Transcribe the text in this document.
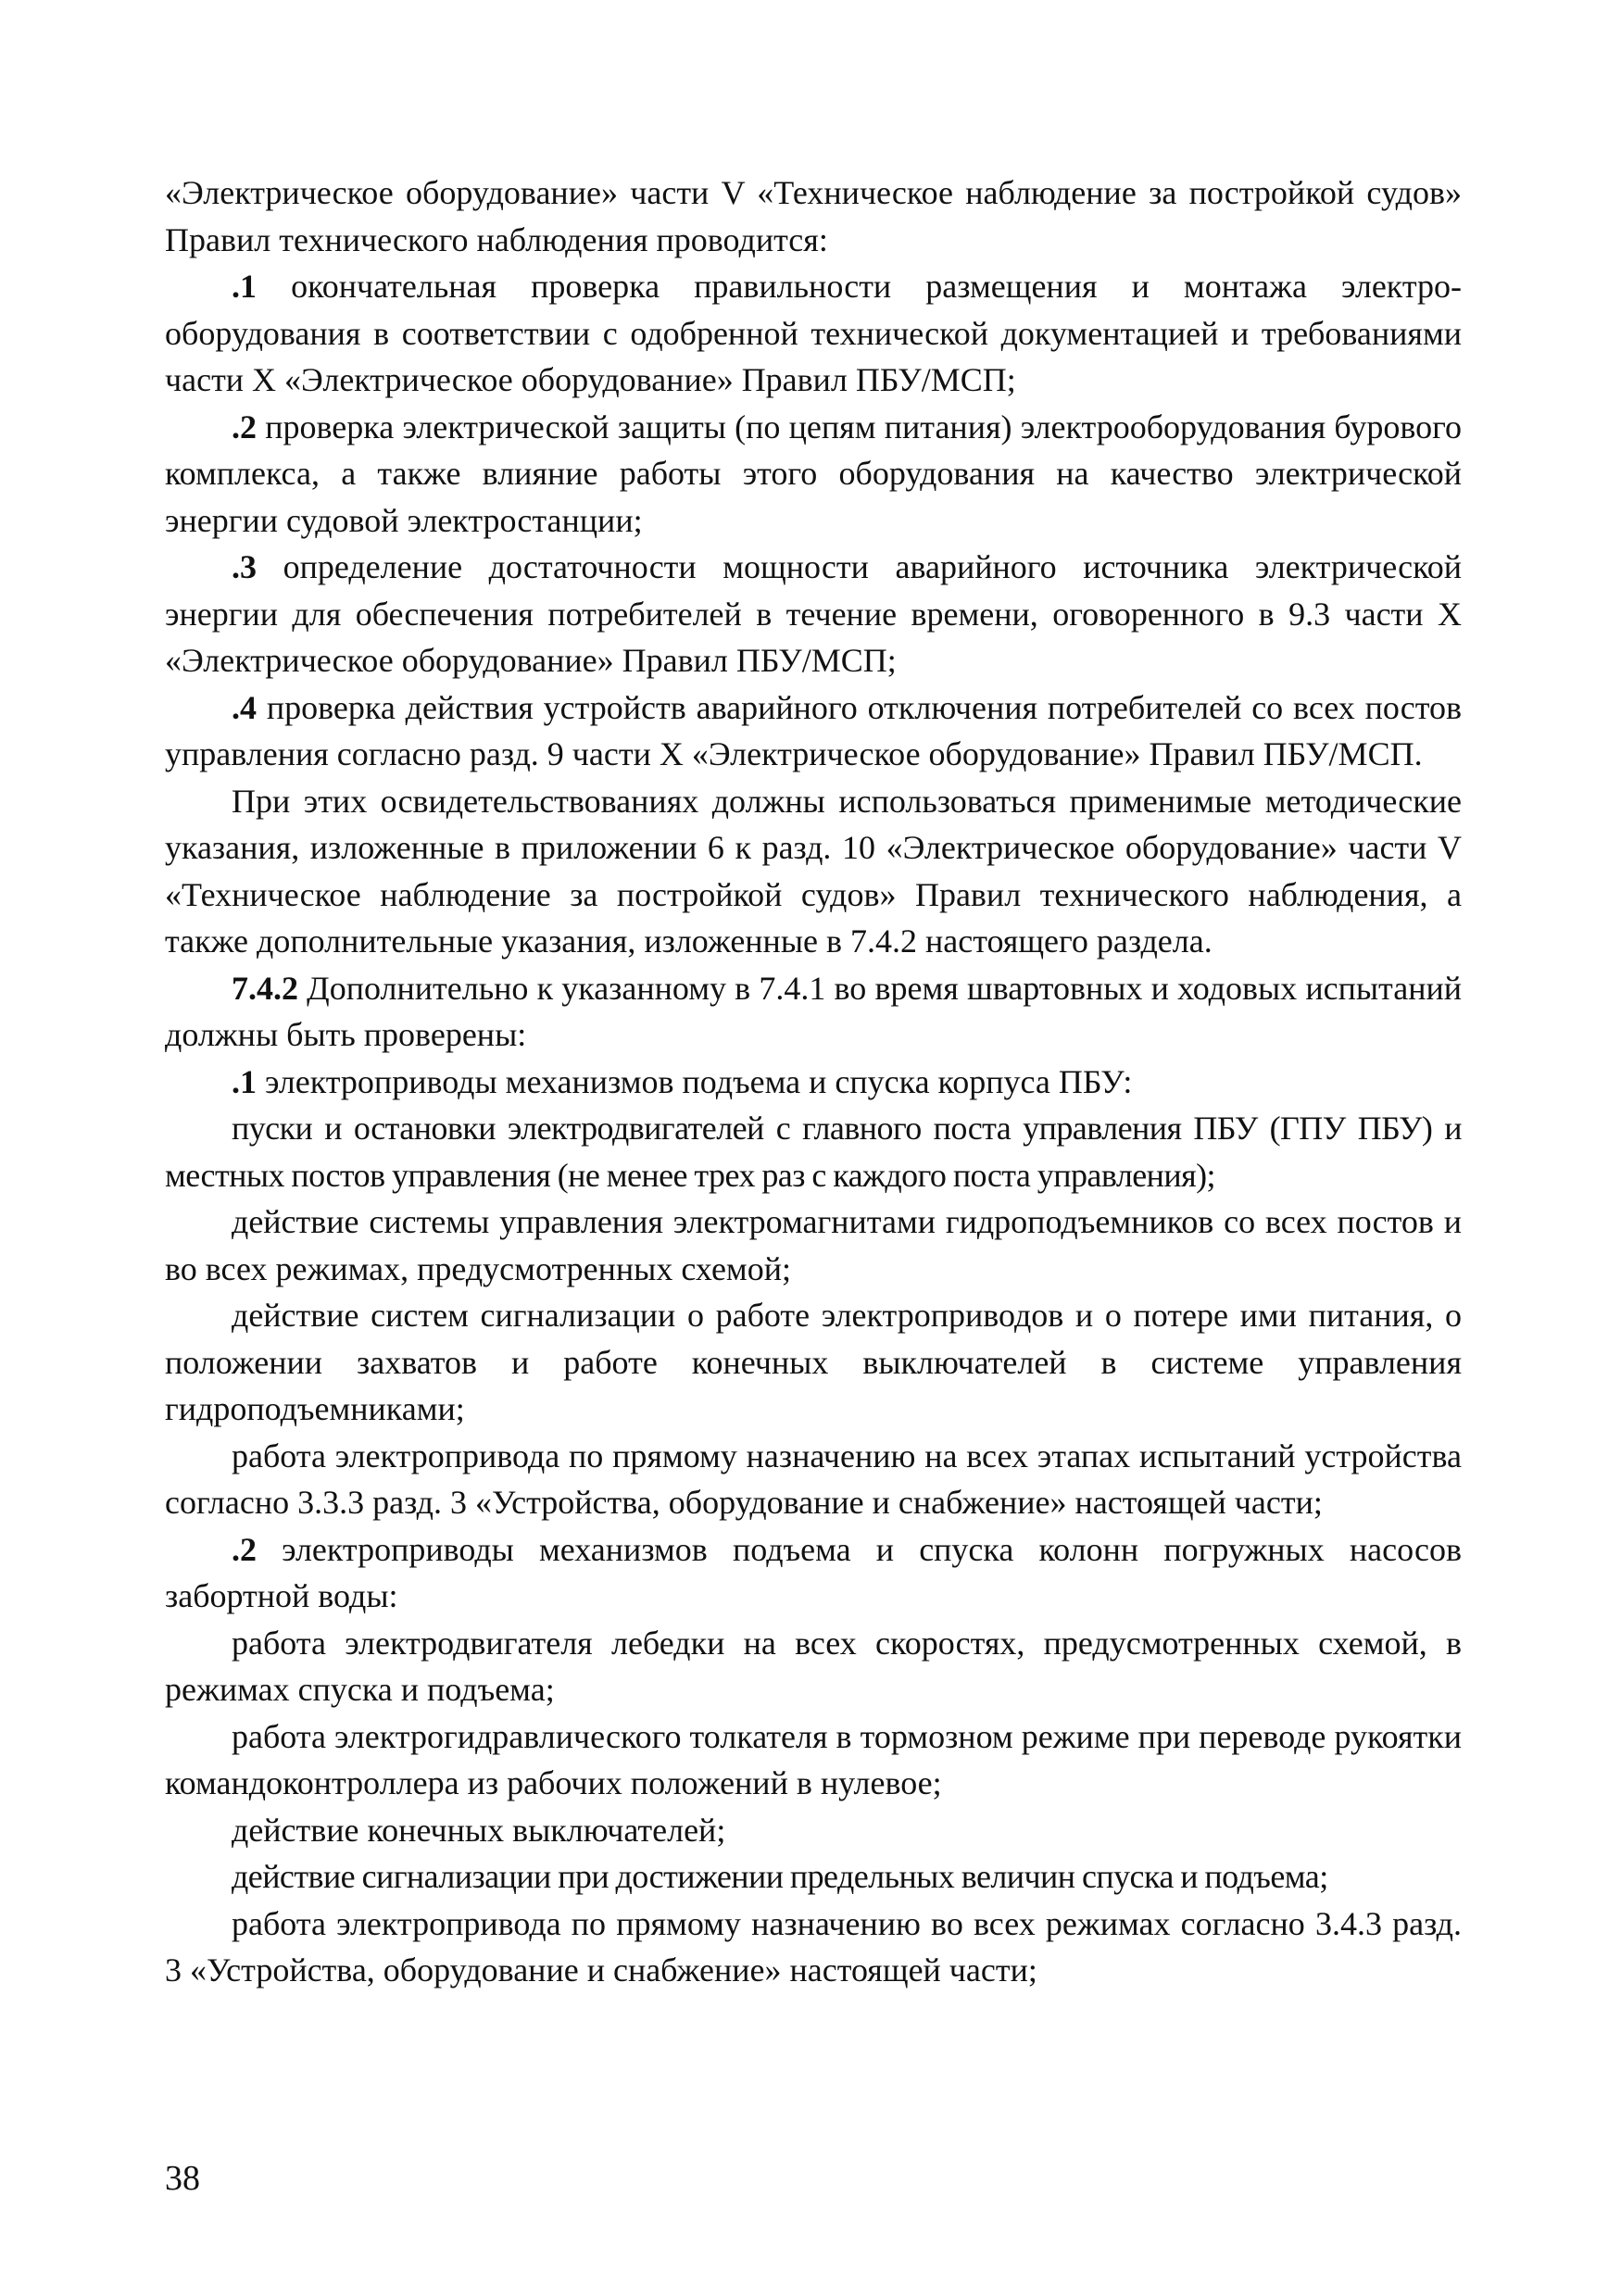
«Электрическое оборудование» части V «Техническое наблюдение за постройкой судов» Правил технического наблюдения проводится:

.1 окончательная проверка правильности размещения и монтажа электрооборудования в соответствии с одобренной технической документацией и требованиями части X «Электрическое оборудование» Правил ПБУ/МСП;

.2 проверка электрической защиты (по цепям питания) электрооборудования бурового комплекса, а также влияние работы этого оборудования на качество электрической энергии судовой электростанции;

.3 определение достаточности мощности аварийного источника электрической энергии для обеспечения потребителей в течение времени, оговоренного в 9.3 части X «Электрическое оборудование» Правил ПБУ/МСП;

.4 проверка действия устройств аварийного отключения потребителей со всех постов управления согласно разд. 9 части X «Электрическое оборудование» Правил ПБУ/МСП.

При этих освидетельствованиях должны использоваться применимые методические указания, изложенные в приложении 6 к разд. 10 «Электрическое оборудование» части V «Техническое наблюдение за постройкой судов» Правил технического наблюдения, а также дополнительные указания, изложенные в 7.4.2 настоящего раздела.

7.4.2 Дополнительно к указанному в 7.4.1 во время швартовных и ходовых испытаний должны быть проверены:

.1 электроприводы механизмов подъема и спуска корпуса ПБУ:

пуски и остановки электродвигателей с главного поста управления ПБУ (ГПУ ПБУ) и местных постов управления (не менее трех раз с каждого поста управления);

действие системы управления электромагнитами гидроподъемников со всех постов и во всех режимах, предусмотренных схемой;

действие систем сигнализации о работе электроприводов и о потере ими питания, о положении захватов и работе конечных выключателей в системе управления гидроподъемниками;

работа электропривода по прямому назначению на всех этапах испытаний устройства согласно 3.3.3 разд. 3 «Устройства, оборудование и снабжение» настоящей части;

.2 электроприводы механизмов подъема и спуска колонн погружных насосов забортной воды:

работа электродвигателя лебедки на всех скоростях, предусмотренных схемой, в режимах спуска и подъема;

работа электрогидравлического толкателя в тормозном режиме при переводе рукоятки командоконтроллера из рабочих положений в нулевое;

действие конечных выключателей;

действие сигнализации при достижении предельных величин спуска и подъема;

работа электропривода по прямому назначению во всех режимах согласно 3.4.3 разд. 3 «Устройства, оборудование и снабжение» настоящей части;

38
